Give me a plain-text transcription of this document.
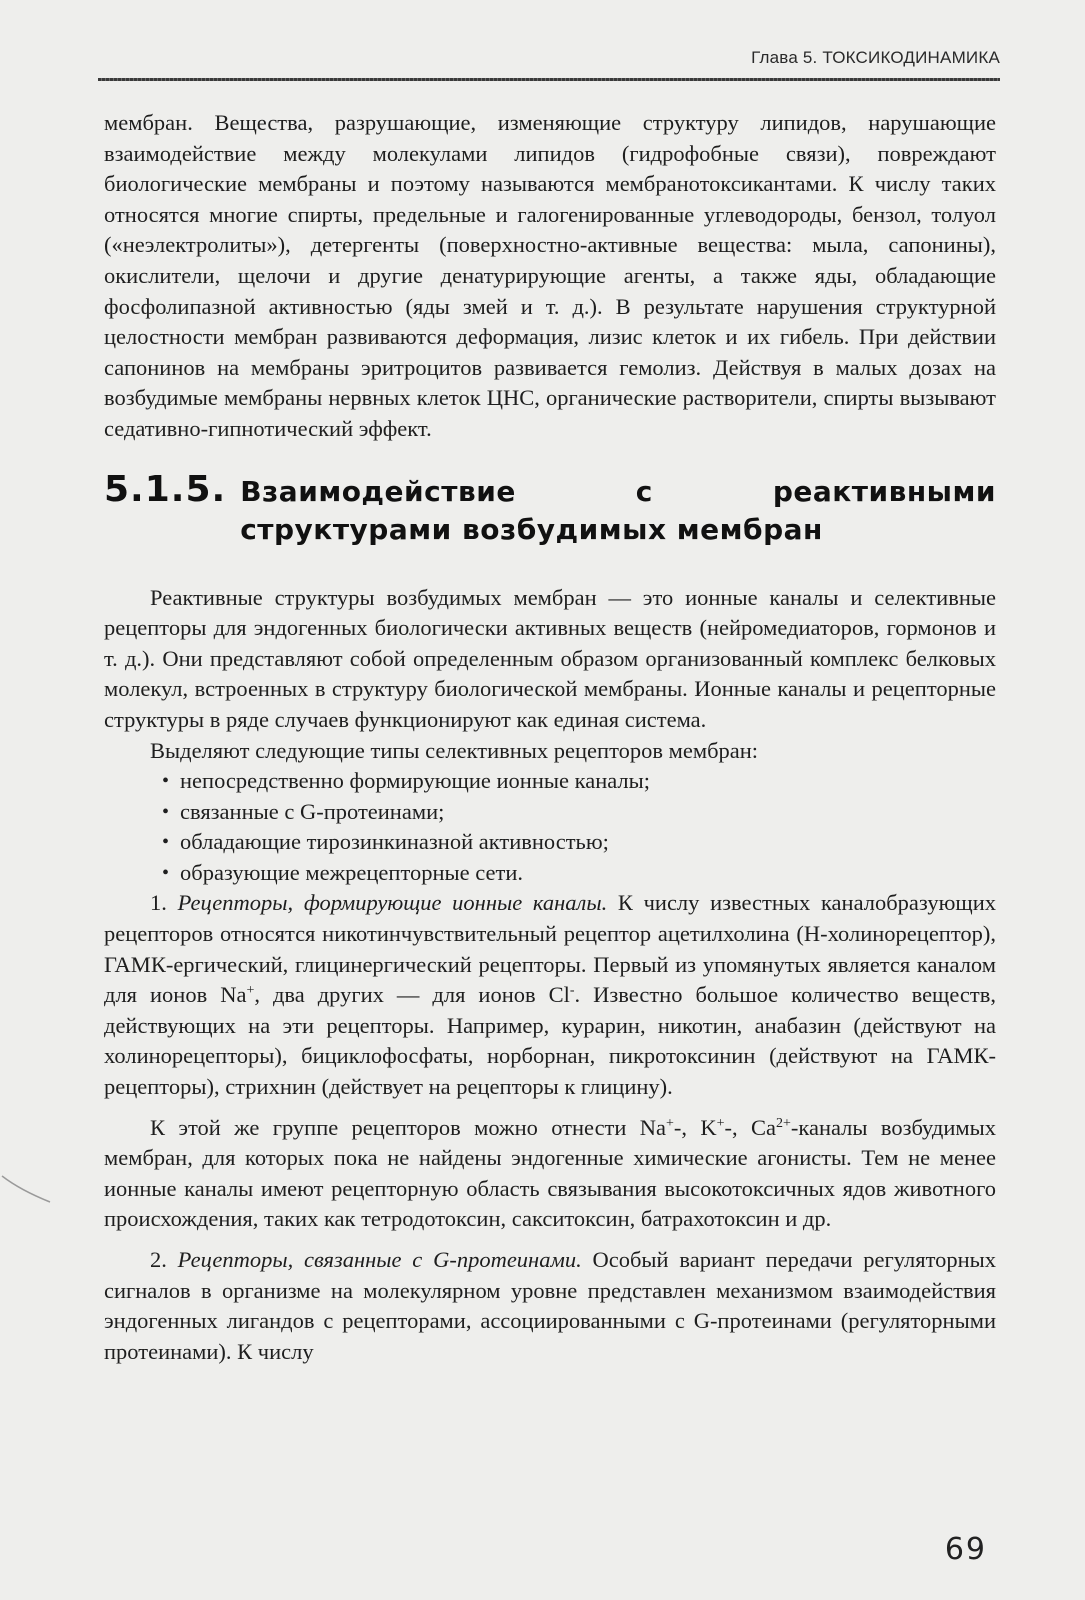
Глава 5. ТОКСИКОДИНАМИКА

мембран. Вещества, разрушающие, изменяющие структуру липидов, нарушающие взаимодействие между молекулами липидов (гидрофобные связи), повреждают биологические мембраны и поэтому называются мембранотоксикантами. К числу таких относятся многие спирты, предельные и галогенированные углеводороды, бензол, толуол («неэлектролиты»), детергенты (поверхностно-активные вещества: мыла, сапонины), окислители, щелочи и другие денатурирующие агенты, а также яды, обладающие фосфолипазной активностью (яды змей и т. д.). В результате нарушения структурной целостности мембран развиваются деформация, лизис клеток и их гибель. При действии сапонинов на мембраны эритроцитов развивается гемолиз. Действуя в малых дозах на возбудимые мембраны нервных клеток ЦНС, органические растворители, спирты вызывают седативно-гипнотический эффект.

5.1.5. Взаимодействие с реактивными структурами возбудимых мембран

Реактивные структуры возбудимых мембран — это ионные каналы и селективные рецепторы для эндогенных биологически активных веществ (нейромедиаторов, гормонов и т. д.). Они представляют собой определенным образом организованный комплекс белковых молекул, встроенных в структуру биологической мембраны. Ионные каналы и рецепторные структуры в ряде случаев функционируют как единая система.

Выделяют следующие типы селективных рецепторов мембран:

• непосредственно формирующие ионные каналы;
• связанные с G-протеинами;
• обладающие тирозинкиназной активностью;
• образующие межрецепторные сети.

1. Рецепторы, формирующие ионные каналы. К числу известных каналобразующих рецепторов относятся никотинчувствительный рецептор ацетилхолина (Н-холинорецептор), ГАМК-ергический, глицинергический рецепторы. Первый из упомянутых является каналом для ионов Na+, два других — для ионов Cl-. Известно большое количество веществ, действующих на эти рецепторы. Например, курарин, никотин, анабазин (действуют на холинорецепторы), бициклофосфаты, норборнан, пикротоксинин (действуют на ГАМК-рецепторы), стрихнин (действует на рецепторы к глицину).

К этой же группе рецепторов можно отнести Na+-, K+-, $Ca^{2+}$-каналы возбудимых мембран, для которых пока не найдены эндогенные химические агонисты. Тем не менее ионные каналы имеют рецепторную область связывания высокотоксичных ядов животного происхождения, таких как тетродотоксин, сакситоксин, батрахотоксин и др.

2. Рецепторы, связанные с G-протеинами. Особый вариант передачи регуляторных сигналов в организме на молекулярном уровне представлен механизмом взаимодействия эндогенных лигандов с рецепторами, ассоциированными с G-протеинами (регуляторными протеинами). К числу

69
